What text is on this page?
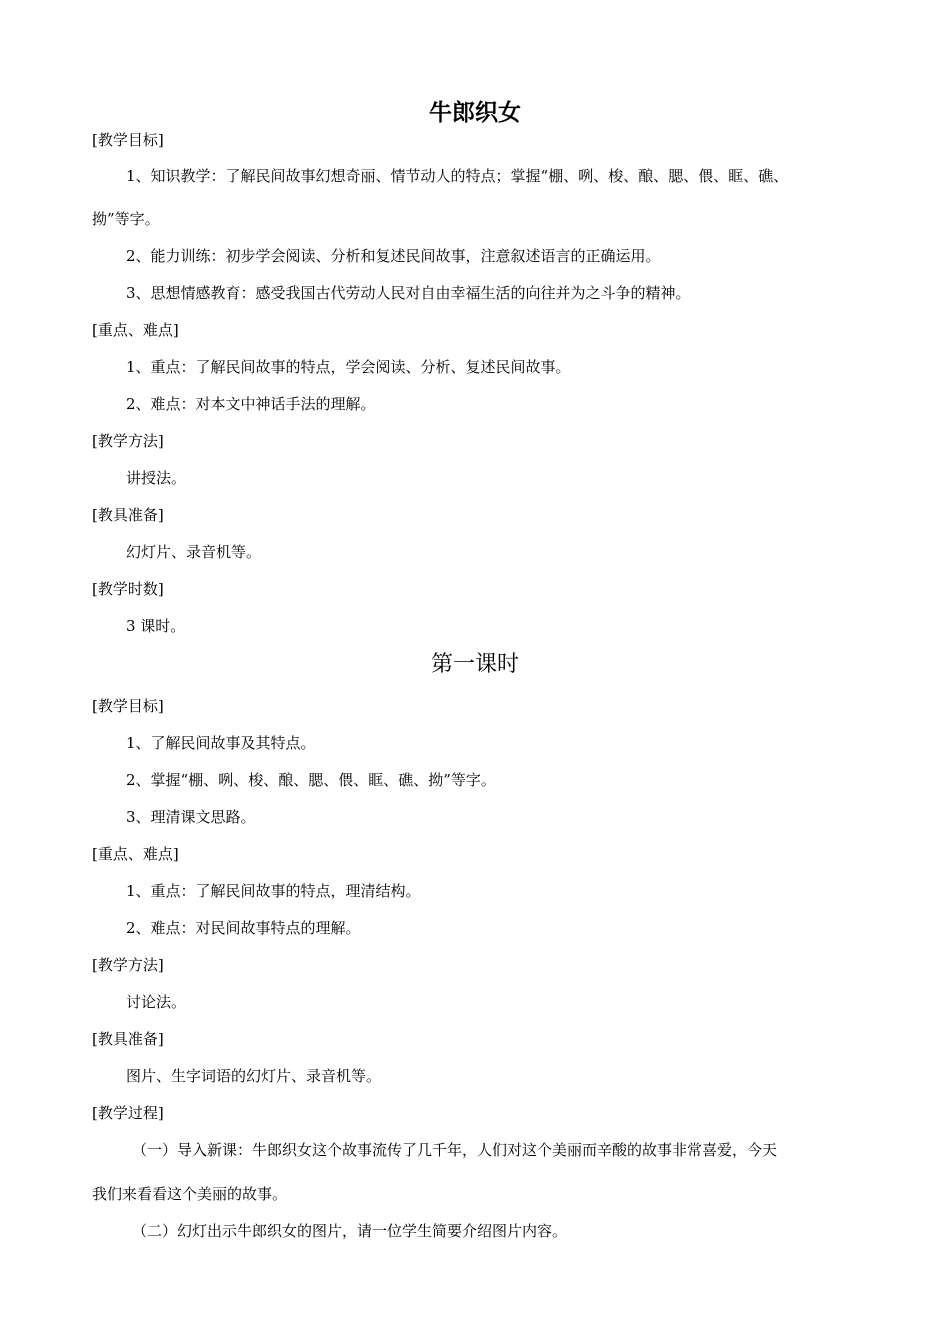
牛郎织女
[教学目标]
1、知识教学：了解民间故事幻想奇丽、情节动人的特点；掌握“棚、咧、梭、酿、腮、偎、眶、礁、
拗”等字。
2、能力训练：初步学会阅读、分析和复述民间故事，注意叙述语言的正确运用。
3、思想情感教育：感受我国古代劳动人民对自由幸福生活的向往并为之斗争的精神。
[重点、难点]
1、重点：了解民间故事的特点，学会阅读、分析、复述民间故事。
2、难点：对本文中神话手法的理解。
[教学方法]
讲授法。
[教具准备]
幻灯片、录音机等。
[教学时数]
3 课时。
第一课时
[教学目标]
1、了解民间故事及其特点。
2、掌握“棚、咧、梭、酿、腮、偎、眶、礁、拗”等字。
3、理清课文思路。
[重点、难点]
1、重点：了解民间故事的特点，理清结构。
2、难点：对民间故事特点的理解。
[教学方法]
讨论法。
[教具准备]
图片、生字词语的幻灯片、录音机等。
[教学过程]
（一）导入新课：牛郎织女这个故事流传了几千年，人们对这个美丽而辛酸的故事非常喜爱，今天
我们来看看这个美丽的故事。
（二）幻灯出示牛郎织女的图片，请一位学生简要介绍图片内容。
